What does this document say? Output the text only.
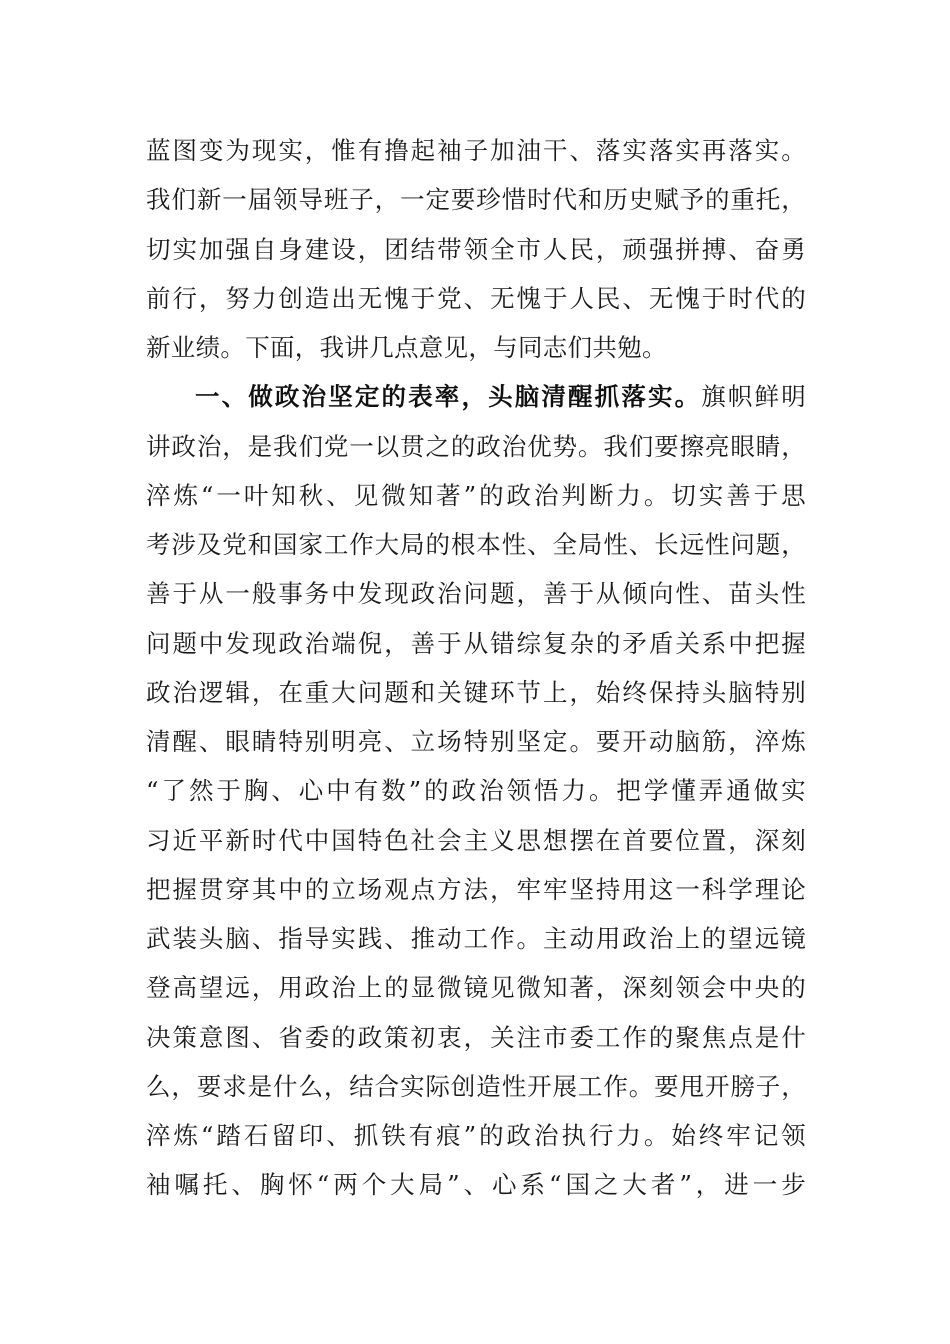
蓝图变为现实，惟有撸起袖子加油干、落实落实再落实。
我们新一届领导班子，一定要珍惜时代和历史赋予的重托，
切实加强自身建设，团结带领全市人民，顽强拼搏、奋勇
前行，努力创造出无愧于党、无愧于人民、无愧于时代的
新业绩。下面，我讲几点意见，与同志们共勉。
一、做政治坚定的表率，头脑清醒抓落实。旗帜鲜明
讲政治，是我们党一以贯之的政治优势。我们要擦亮眼睛，
淬炼“一叶知秋、见微知著”的政治判断力。切实善于思
考涉及党和国家工作大局的根本性、全局性、长远性问题，
善于从一般事务中发现政治问题，善于从倾向性、苗头性
问题中发现政治端倪，善于从错综复杂的矛盾关系中把握
政治逻辑，在重大问题和关键环节上，始终保持头脑特别
清醒、眼睛特别明亮、立场特别坚定。要开动脑筋，淬炼
“了然于胸、心中有数”的政治领悟力。把学懂弄通做实
习近平新时代中国特色社会主义思想摆在首要位置，深刻
把握贯穿其中的立场观点方法，牢牢坚持用这一科学理论
武装头脑、指导实践、推动工作。主动用政治上的望远镜
登高望远，用政治上的显微镜见微知著，深刻领会中央的
决策意图、省委的政策初衷，关注市委工作的聚焦点是什
么，要求是什么，结合实际创造性开展工作。要甩开膀子，
淬炼“踏石留印、抓铁有痕”的政治执行力。始终牢记领
袖嘱托、胸怀“两个大局”、心系“国之大者”，进一步
